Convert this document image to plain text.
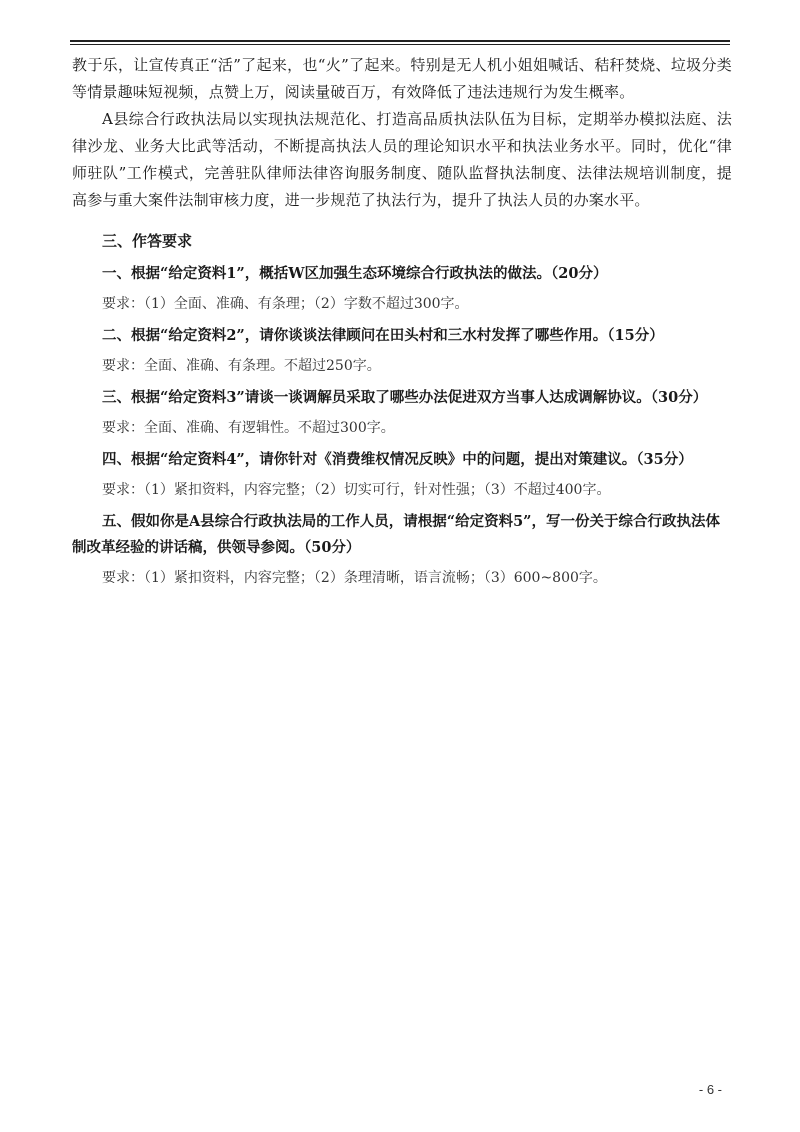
教于乐，让宣传真正“活”了起来，也“火”了起来。特别是无人机小姐姐喊话、秸秆焚烧、垃圾分类等情景趣味短视频，点赞上万，阅读量破百万，有效降低了违法违规行为发生概率。

A县综合行政执法局以实现执法规范化、打造高品质执法队伍为目标，定期举办模拟法庭、法律沙龙、业务大比武等活动，不断提高执法人员的理论知识水平和执法业务水平。同时，优化“律师驻队”工作模式，完善驻队律师法律咨询服务制度、随队监督执法制度、法律法规培训制度，提高参与重大案件法制审核力度，进一步规范了执法行为，提升了执法人员的办案水平。

三、作答要求

一、根据“给定资料1”，概括W区加强生态环境综合行政执法的做法。（20分）

要求：（1）全面、准确、有条理；（2）字数不超过300字。

二、根据“给定资料2”，请你谈谈法律顾问在田头村和三水村发挥了哪些作用。（15分）

要求：全面、准确、有条理。不超过250字。

三、根据“给定资料3”请谈一谈调解员采取了哪些办法促进双方当事人达成调解协议。（30分）

要求：全面、准确、有逻辑性。不超过300字。

四、根据“给定资料4”，请你针对《消费维权情况反映》中的问题，提出对策建议。（35分）

要求：（1）紧扣资料，内容完整；（2）切实可行，针对性强；（3）不超过400字。

五、假如你是A县综合行政执法局的工作人员，请根据“给定资料5”，写一份关于综合行政执法体制改革经验的讲话稿，供领导参阅。（50分）

要求：（1）紧扣资料，内容完整；（2）条理清晰，语言流畅；（3）600~800字。

- 6 -
